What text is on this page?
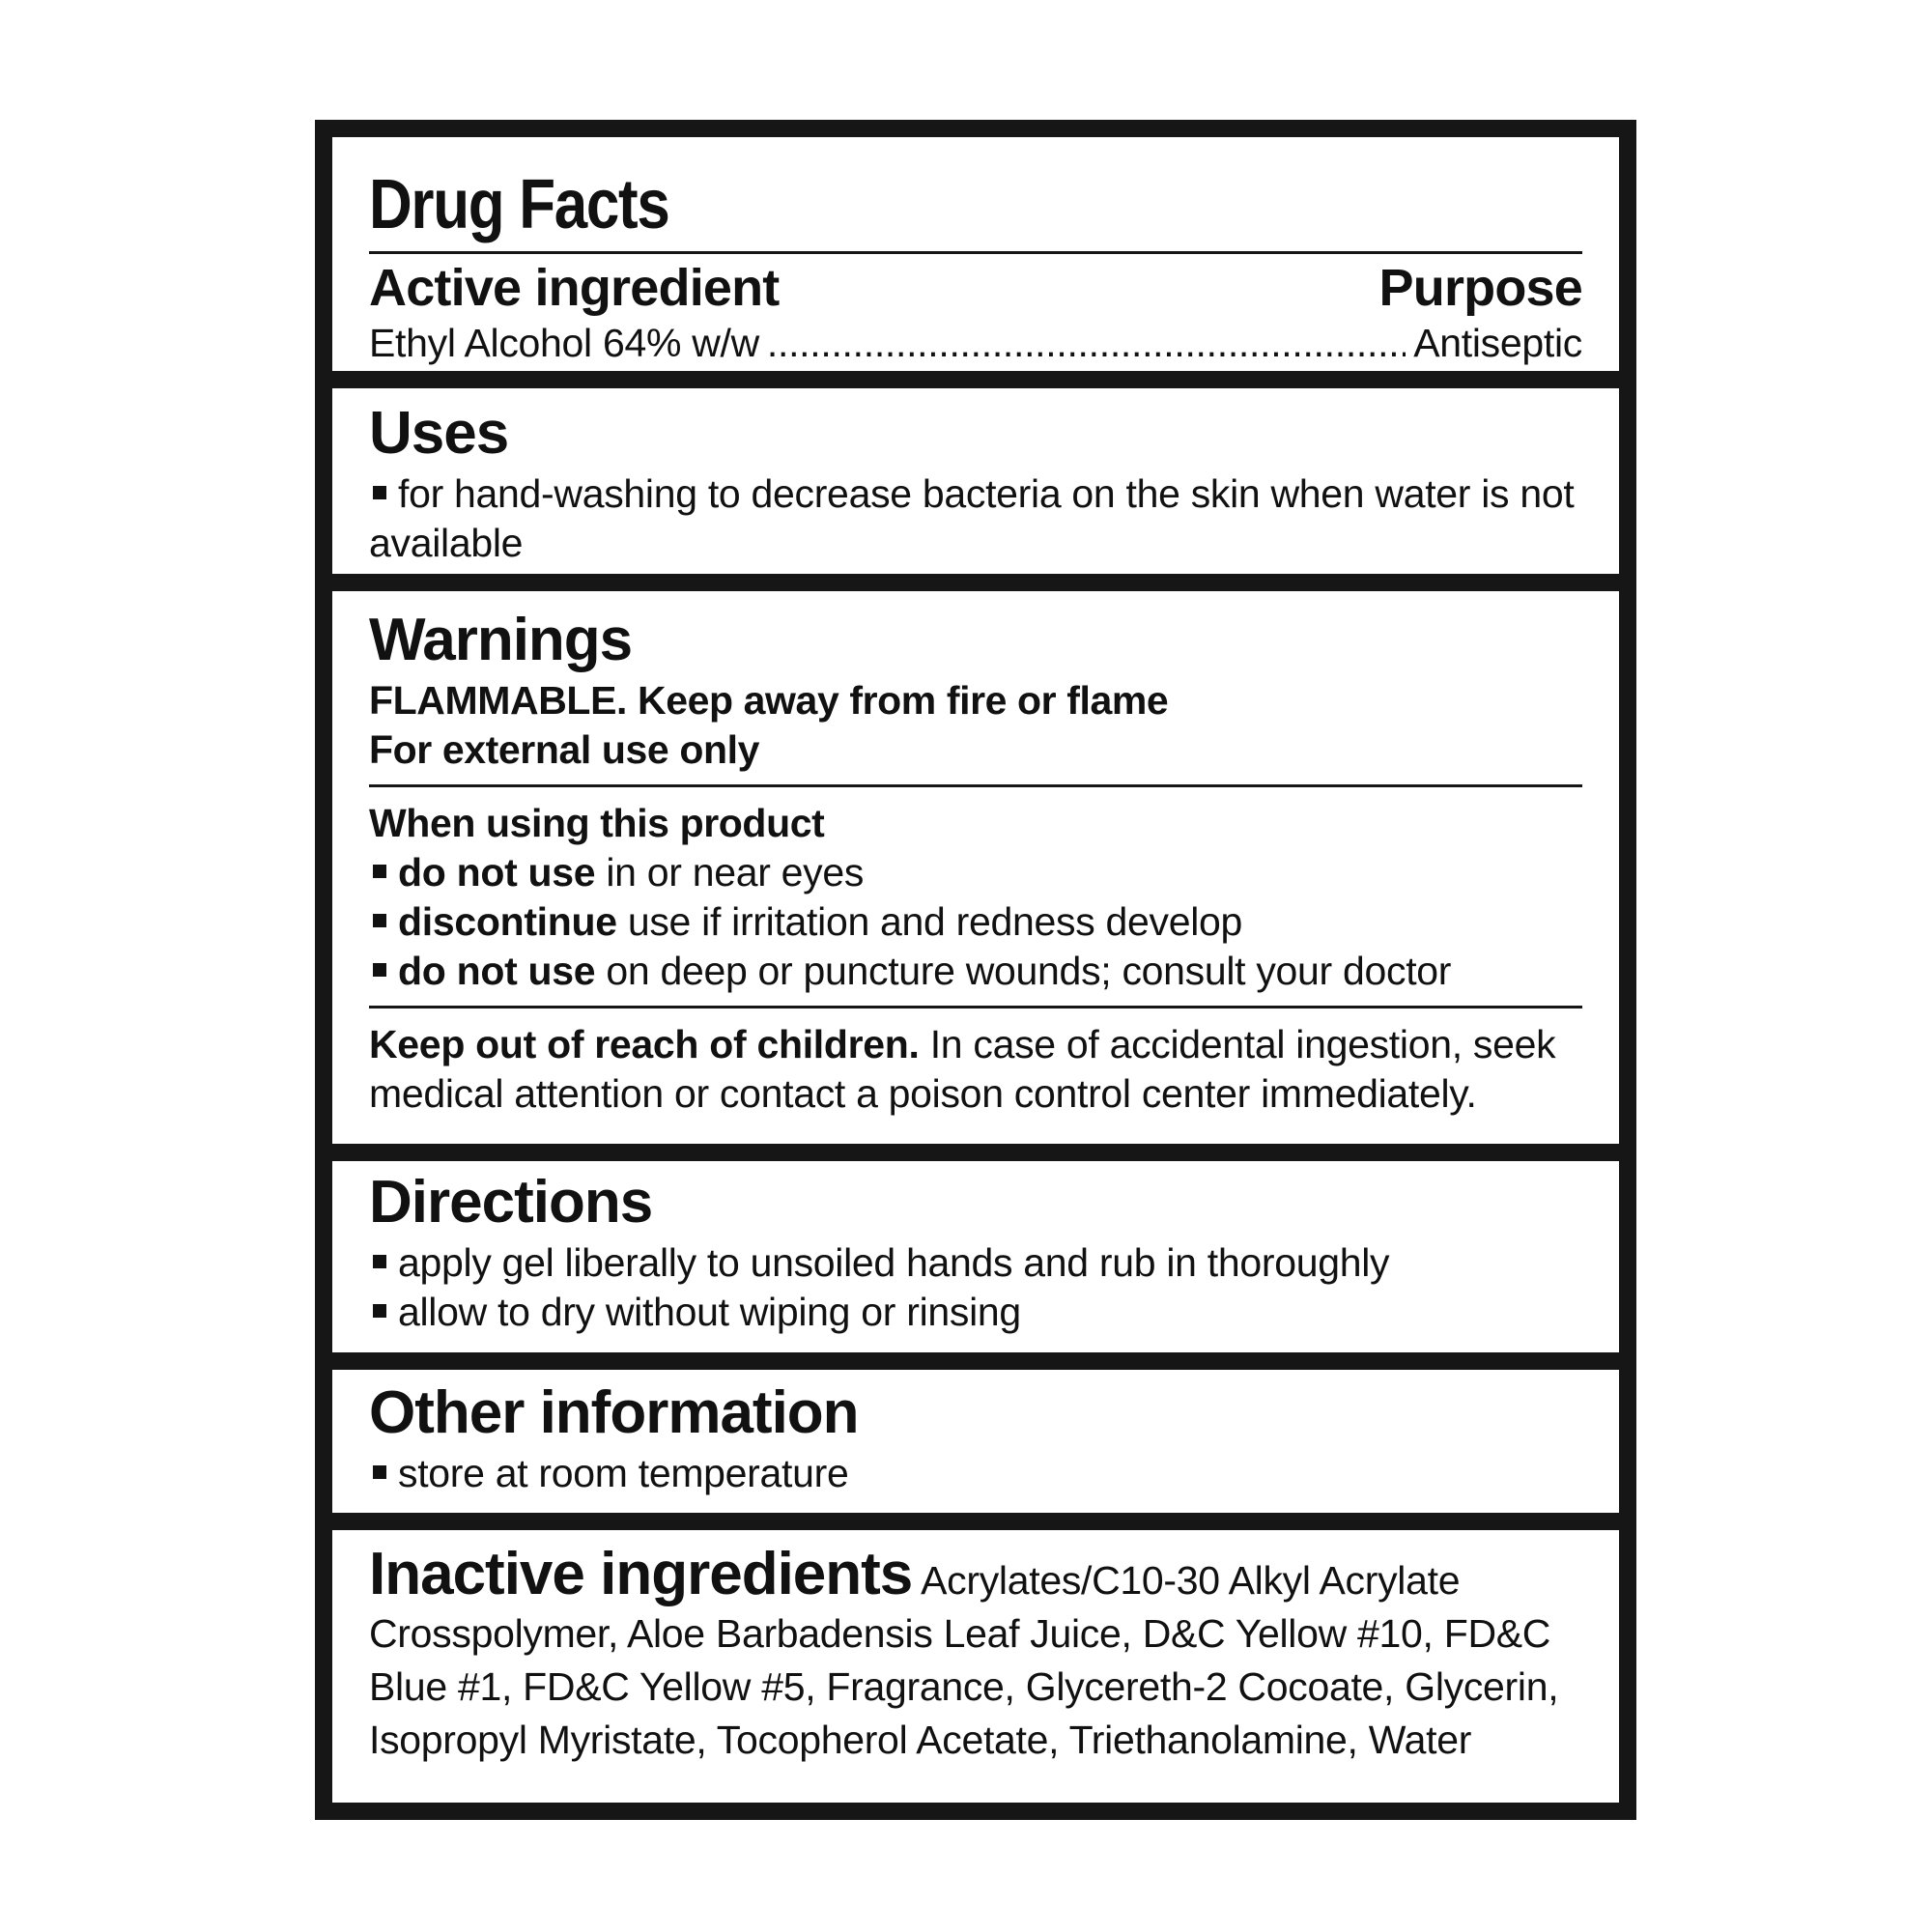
Drug Facts
Active ingredient	Purpose
Ethyl Alcohol 64% w/w
.....	Antiseptic
Uses
for hand-washing to decrease bacteria on the skin when water is not available
Warnings
FLAMMABLE. Keep away from fire or flame
For external use only
When using this product
do not use in or near eyes
discontinue use if irritation and redness develop
do not use on deep or puncture wounds; consult your doctor
Keep out of reach of children. In case of accidental ingestion, seek medical attention or contact a poison control center immediately.
Directions
apply gel liberally to unsoiled hands and rub in thoroughly
allow to dry without wiping or rinsing
Other information
store at room temperature
Inactive ingredients Acrylates/C10-30 Alkyl Acrylate Crosspolymer, Aloe Barbadensis Leaf Juice, D&C Yellow #10, FD&C Blue #1, FD&C Yellow #5, Fragrance, Glycereth-2 Cocoate, Glycerin, Isopropyl Myristate, Tocopherol Acetate, Triethanolamine, Water
